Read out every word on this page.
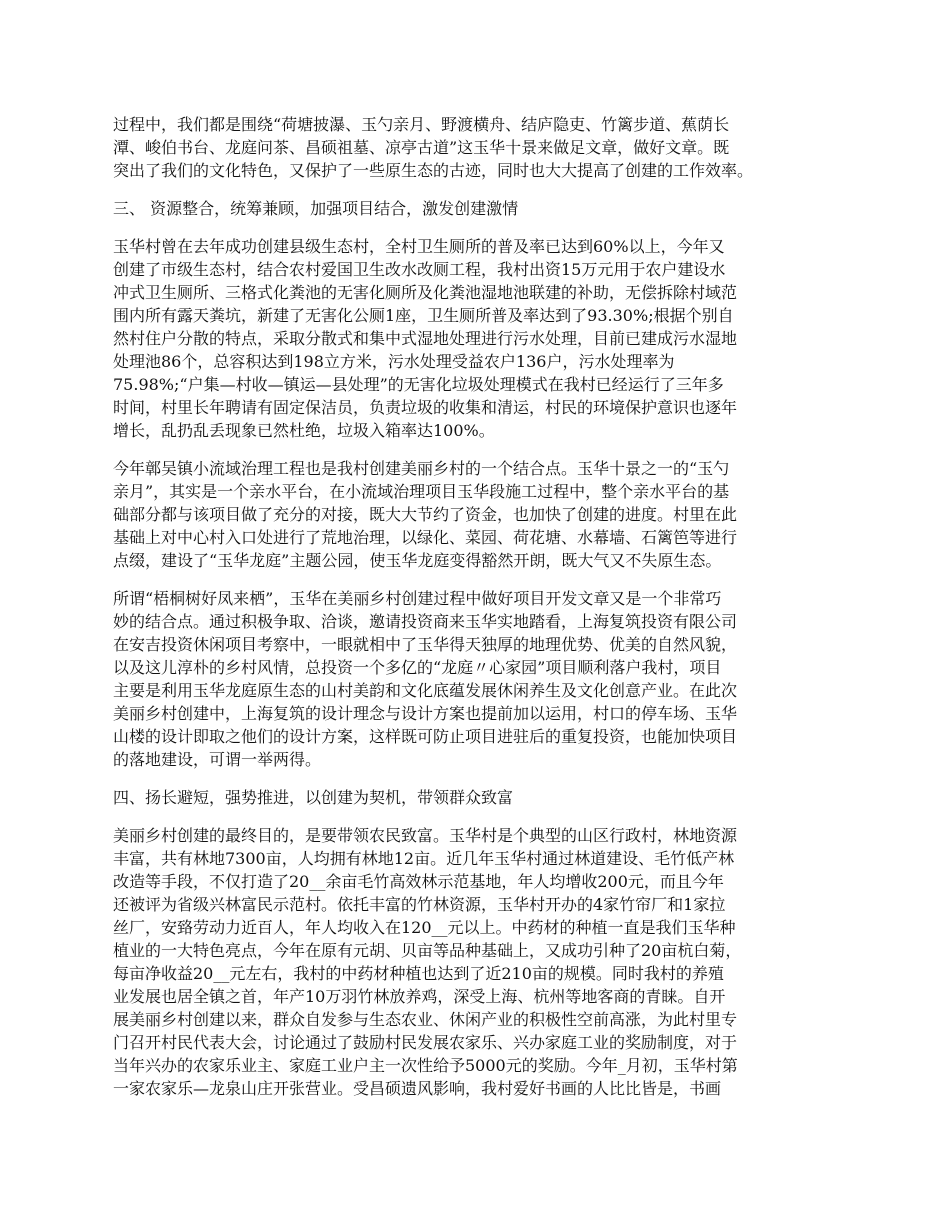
过程中，我们都是围绕“荷塘披瀑、玉勺亲月、野渡横舟、结庐隐吏、竹篱步道、蕉荫长
潭、峻伯书台、龙庭问茶、昌硕祖墓、凉亭古道”这玉华十景来做足文章，做好文章。既
突出了我们的文化特色，又保护了一些原生态的古迹，同时也大大提高了创建的工作效率。

三、 资源整合，统筹兼顾，加强项目结合，激发创建激情

玉华村曾在去年成功创建县级生态村，全村卫生厕所的普及率已达到60%以上，今年又
创建了市级生态村，结合农村爱国卫生改水改厕工程，我村出资15万元用于农户建设水
冲式卫生厕所、三格式化粪池的无害化厕所及化粪池湿地池联建的补助，无偿拆除村域范
围内所有露天粪坑，新建了无害化公厕1座，卫生厕所普及率达到了93.30%;根据个别自
然村住户分散的特点，采取分散式和集中式湿地处理进行污水处理，目前已建成污水湿地
处理池86个，总容积达到198立方米，污水处理受益农户136户，污水处理率为
75.98%;“户集—村收—镇运—县处理”的无害化垃圾处理模式在我村已经运行了三年多
时间，村里长年聘请有固定保洁员，负责垃圾的收集和清运，村民的环境保护意识也逐年
增长，乱扔乱丢现象已然杜绝，垃圾入箱率达100%。

今年鄣吴镇小流域治理工程也是我村创建美丽乡村的一个结合点。玉华十景之一的“玉勺
亲月”，其实是一个亲水平台，在小流域治理项目玉华段施工过程中，整个亲水平台的基
础部分都与该项目做了充分的对接，既大大节约了资金，也加快了创建的进度。村里在此
基础上对中心村入口处进行了荒地治理，以绿化、菜园、荷花塘、水幕墙、石篱笆等进行
点缀，建设了“玉华龙庭”主题公园，使玉华龙庭变得豁然开朗，既大气又不失原生态。

所谓“梧桐树好凤来栖”，玉华在美丽乡村创建过程中做好项目开发文章又是一个非常巧
妙的结合点。通过积极争取、洽谈，邀请投资商来玉华实地踏看，上海复筑投资有限公司
在安吉投资休闲项目考察中，一眼就相中了玉华得天独厚的地理优势、优美的自然风貌，
以及这儿淳朴的乡村风情，总投资一个多亿的“龙庭〃心家园”项目顺利落户我村，项目
主要是利用玉华龙庭原生态的山村美韵和文化底蕴发展休闲养生及文化创意产业。在此次
美丽乡村创建中，上海复筑的设计理念与设计方案也提前加以运用，村口的停车场、玉华
山楼的设计即取之他们的设计方案，这样既可防止项目进驻后的重复投资，也能加快项目
的落地建设，可谓一举两得。

四、扬长避短，强势推进，以创建为契机，带领群众致富

美丽乡村创建的最终目的，是要带领农民致富。玉华村是个典型的山区行政村，林地资源
丰富，共有林地7300亩，人均拥有林地12亩。近几年玉华村通过林道建设、毛竹低产林
改造等手段，不仅打造了20__余亩毛竹高效林示范基地，年人均增收200元，而且今年
还被评为省级兴林富民示范村。依托丰富的竹林资源，玉华村开办的4家竹帘厂和1家拉
丝厂，安臵劳动力近百人，年人均收入在120__元以上。中药材的种植一直是我们玉华种
植业的一大特色亮点，今年在原有元胡、贝亩等品种基础上，又成功引种了20亩杭白菊，
每亩净收益20__元左右，我村的中药材种植也达到了近210亩的规模。同时我村的养殖
业发展也居全镇之首，年产10万羽竹林放养鸡，深受上海、杭州等地客商的青睐。自开
展美丽乡村创建以来，群众自发参与生态农业、休闲产业的积极性空前高涨，为此村里专
门召开村民代表大会，讨论通过了鼓励村民发展农家乐、兴办家庭工业的奖励制度，对于
当年兴办的农家乐业主、家庭工业户主一次性给予5000元的奖励。今年_月初，玉华村第
一家农家乐—龙泉山庄开张营业。受昌硕遗风影响，我村爱好书画的人比比皆是，书画
